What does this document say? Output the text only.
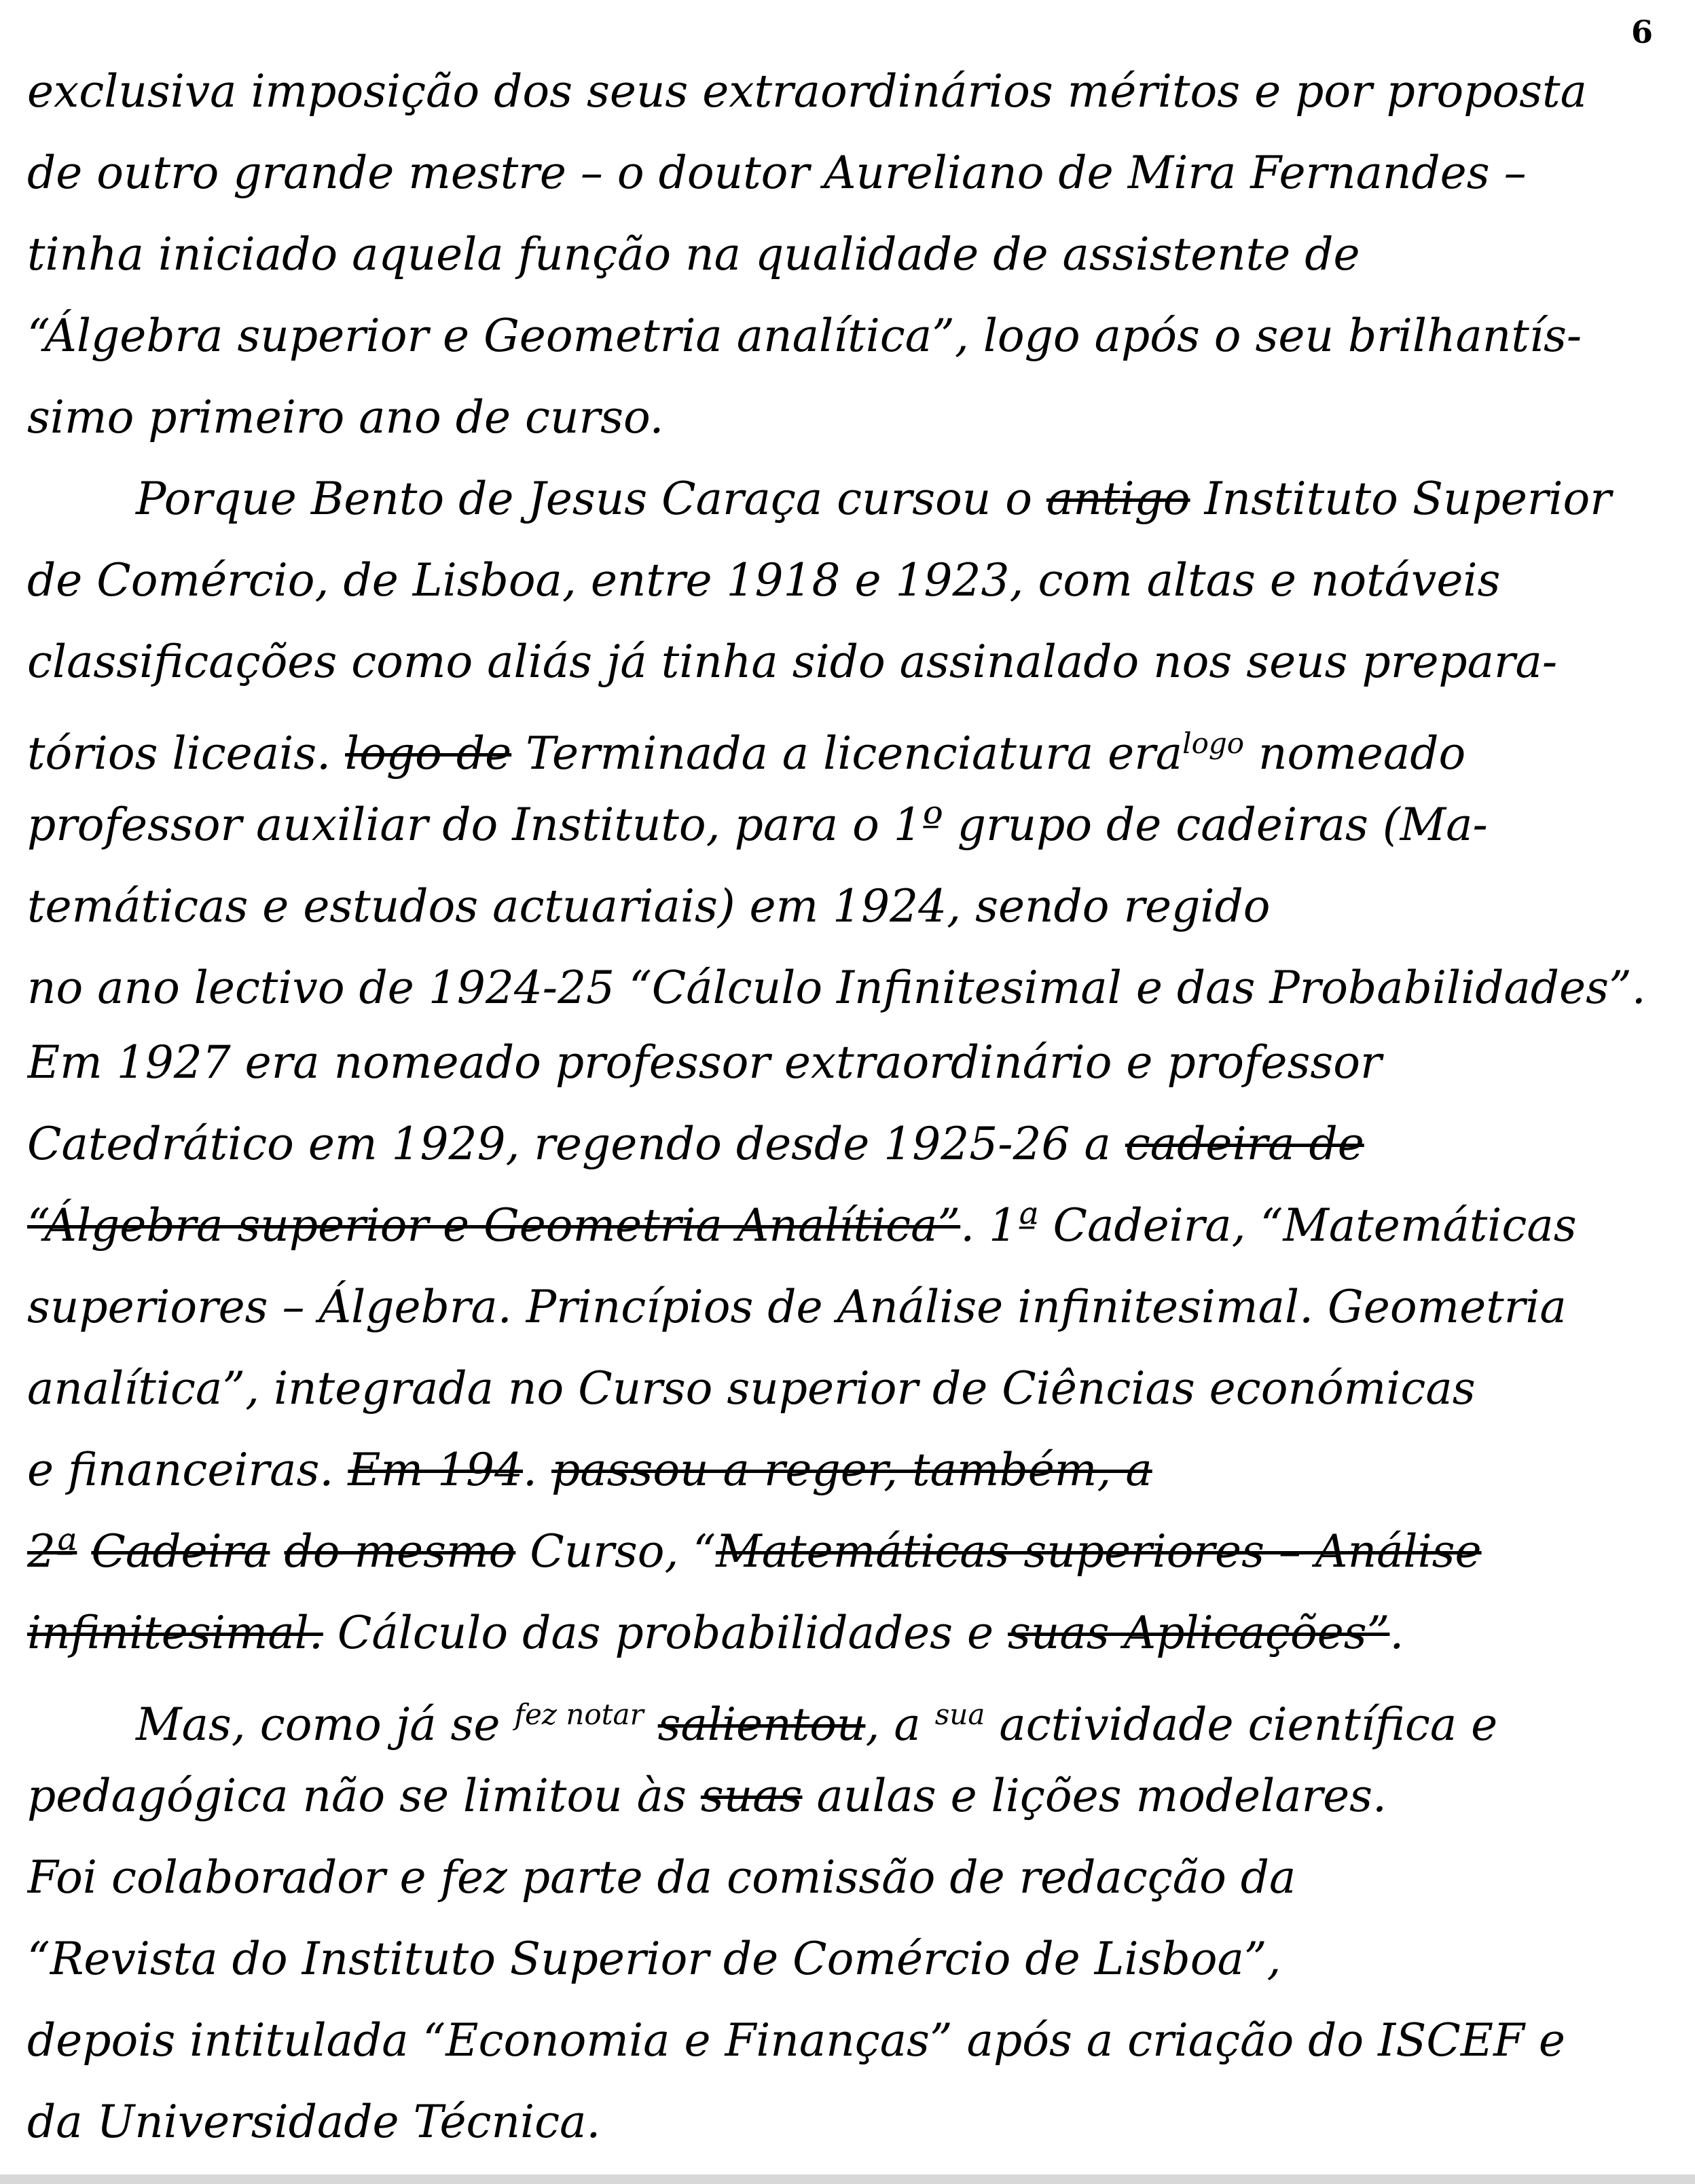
6
exclusiva imposição dos seus extraordinários méritos e por proposta
de outro grande mestre – o doutor Aureliano de Mira Fernandes –
tinha iniciado aquela função na qualidade de assistente de
“Álgebra superior e Geometria analítica”, logo após o seu brilhantís-
simo primeiro ano de curso.
Porque Bento de Jesus Caraça cursou o antigo Instituto Superior
de Comércio, de Lisboa, entre 1918 e 1923, com altas e notáveis
classificações como aliás já tinha sido assinalado nos seus prepara-
tórios liceais. logo de Terminada a licenciatura era$^{logo}$ nomeado
professor auxiliar do Instituto, para o 1º grupo de cadeiras (Ma-
temáticas e estudos actuariais) em 1924, sendo regido
no ano lectivo de 1924-25 “Cálculo Infinitesimal e das Probabilidades”.
Em 1927 era nomeado professor extraordinário e professor
Catedrático em 1929, regendo desde 1925-26 a cadeira de
“Álgebra superior e Geometria Analítica”. 1ª Cadeira, “Matemáticas
superiores – Álgebra. Princípios de Análise infinitesimal. Geometria
analítica”, integrada no Curso superior de Ciências económicas
e financeiras. Em 194. passou a reger, também, a
2ª Cadeira do mesmo Curso, “Matemáticas superiores – Análise
infinitesimal. Cálculo das probabilidades e suas Aplicações”.
Mas, como já se $^{fez notar}$ salientou, a $^{sua}$ actividade científica e
pedagógica não se limitou às suas aulas e lições modelares.
Foi colaborador e fez parte da comissão de redacção da
“Revista do Instituto Superior de Comércio de Lisboa”,
depois intitulada “Economia e Finanças” após a criação do ISCEF e
da Universidade Técnica.
